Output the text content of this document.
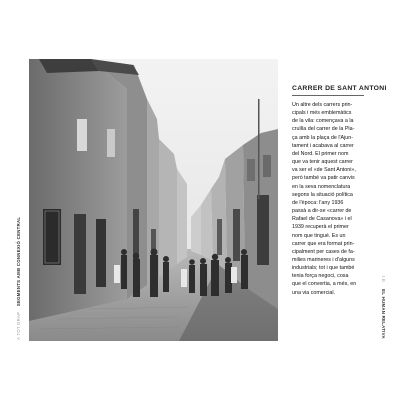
A TOT DRAP SEGMENTS AMB CONNEXIÓ CENTRAL
CARRER DE SANT ANTONI

Un altre dels carrers prin-
cipals i més emblemàtics
de la vila: començava a la
cruïlla del carrer de la Pla-
ça amb la plaça de l'Ajun-
tament i acabava al carrer
del Nord. El primer nom
que va tenir aquest carrer
va ser el «de Sant Antoni»,
però també va patir canvis
en la seva nomenclatura
segons la situació política
de l'època: l'any 1936
passà a dir-se «carrer de
Rafael de Casanova» i el
1939 recuperà el primer
nom que tingué. Es un
carrer que era format prin-
cipalment per cases de fa-
milies marineres i d'alguns
industrials; tot i que també
tenia força negoci, cosa
que el convertia, a més, en
una via comercial.

I.E. EL HUMAN RELATIVA
